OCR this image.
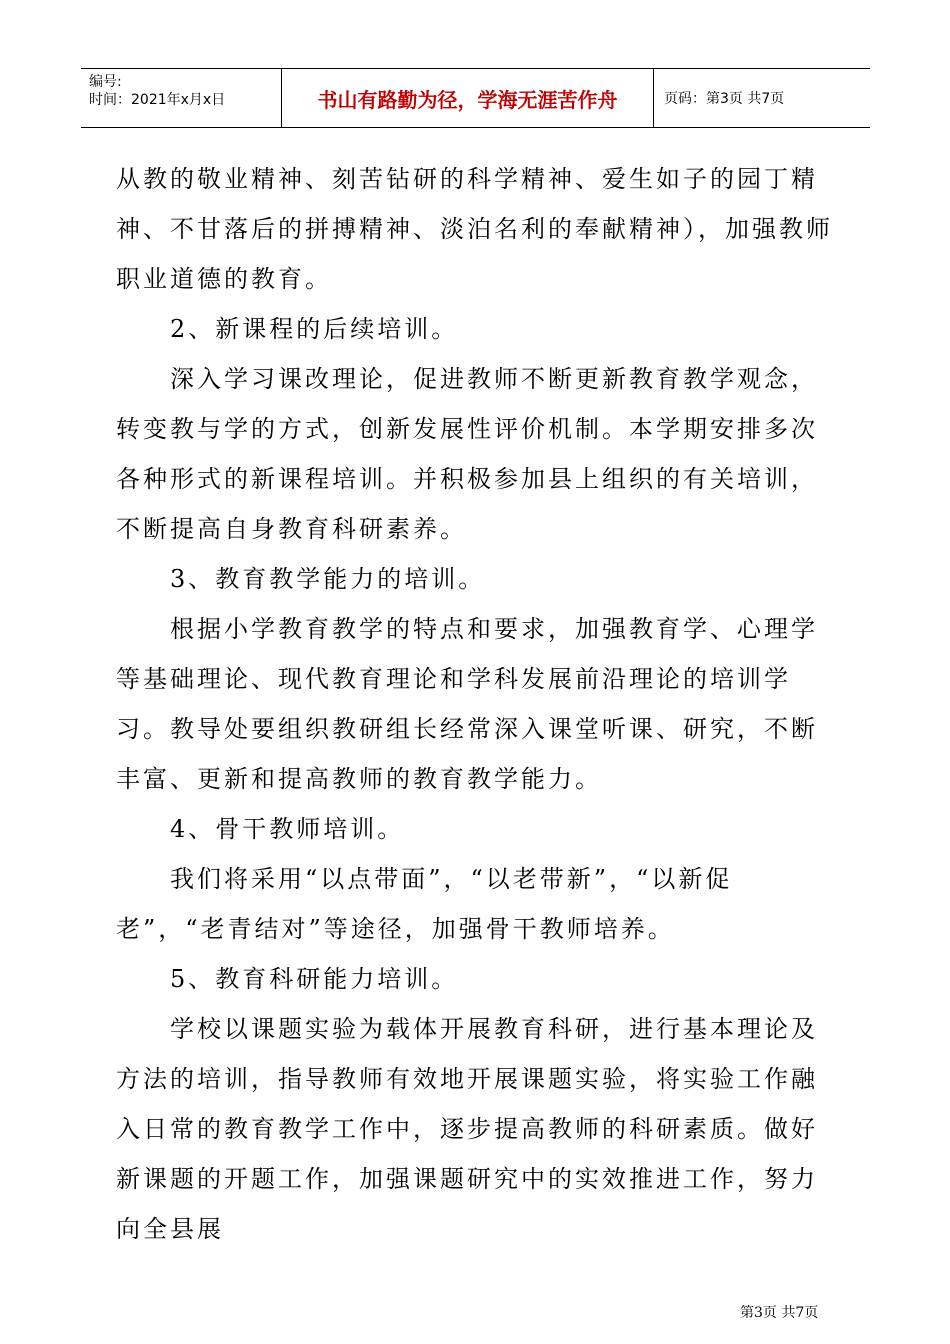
编号:
时间：2021年x月x日	书山有路勤为径，学海无涯苦作舟	页码：第3页 共7页

从教的敬业精神、刻苦钻研的科学精神、爱生如子的园丁精神、不甘落后的拼搏精神、淡泊名利的奉献精神），加强教师职业道德的教育。

2、新课程的后续培训。

深入学习课改理论，促进教师不断更新教育教学观念，转变教与学的方式，创新发展性评价机制。本学期安排多次各种形式的新课程培训。并积极参加县上组织的有关培训，不断提高自身教育科研素养。

3、教育教学能力的培训。

根据小学教育教学的特点和要求，加强教育学、心理学等基础理论、现代教育理论和学科发展前沿理论的培训学习。教导处要组织教研组长经常深入课堂听课、研究，不断丰富、更新和提高教师的教育教学能力。

4、骨干教师培训。

我们将采用“以点带面”，“以老带新”，“以新促老”，“老青结对”等途径，加强骨干教师培养。

5、教育科研能力培训。

学校以课题实验为载体开展教育科研，进行基本理论及方法的培训，指导教师有效地开展课题实验，将实验工作融入日常的教育教学工作中，逐步提高教师的科研素质。做好新课题的开题工作，加强课题研究中的实效推进工作，努力向全县展

第3页 共7页
